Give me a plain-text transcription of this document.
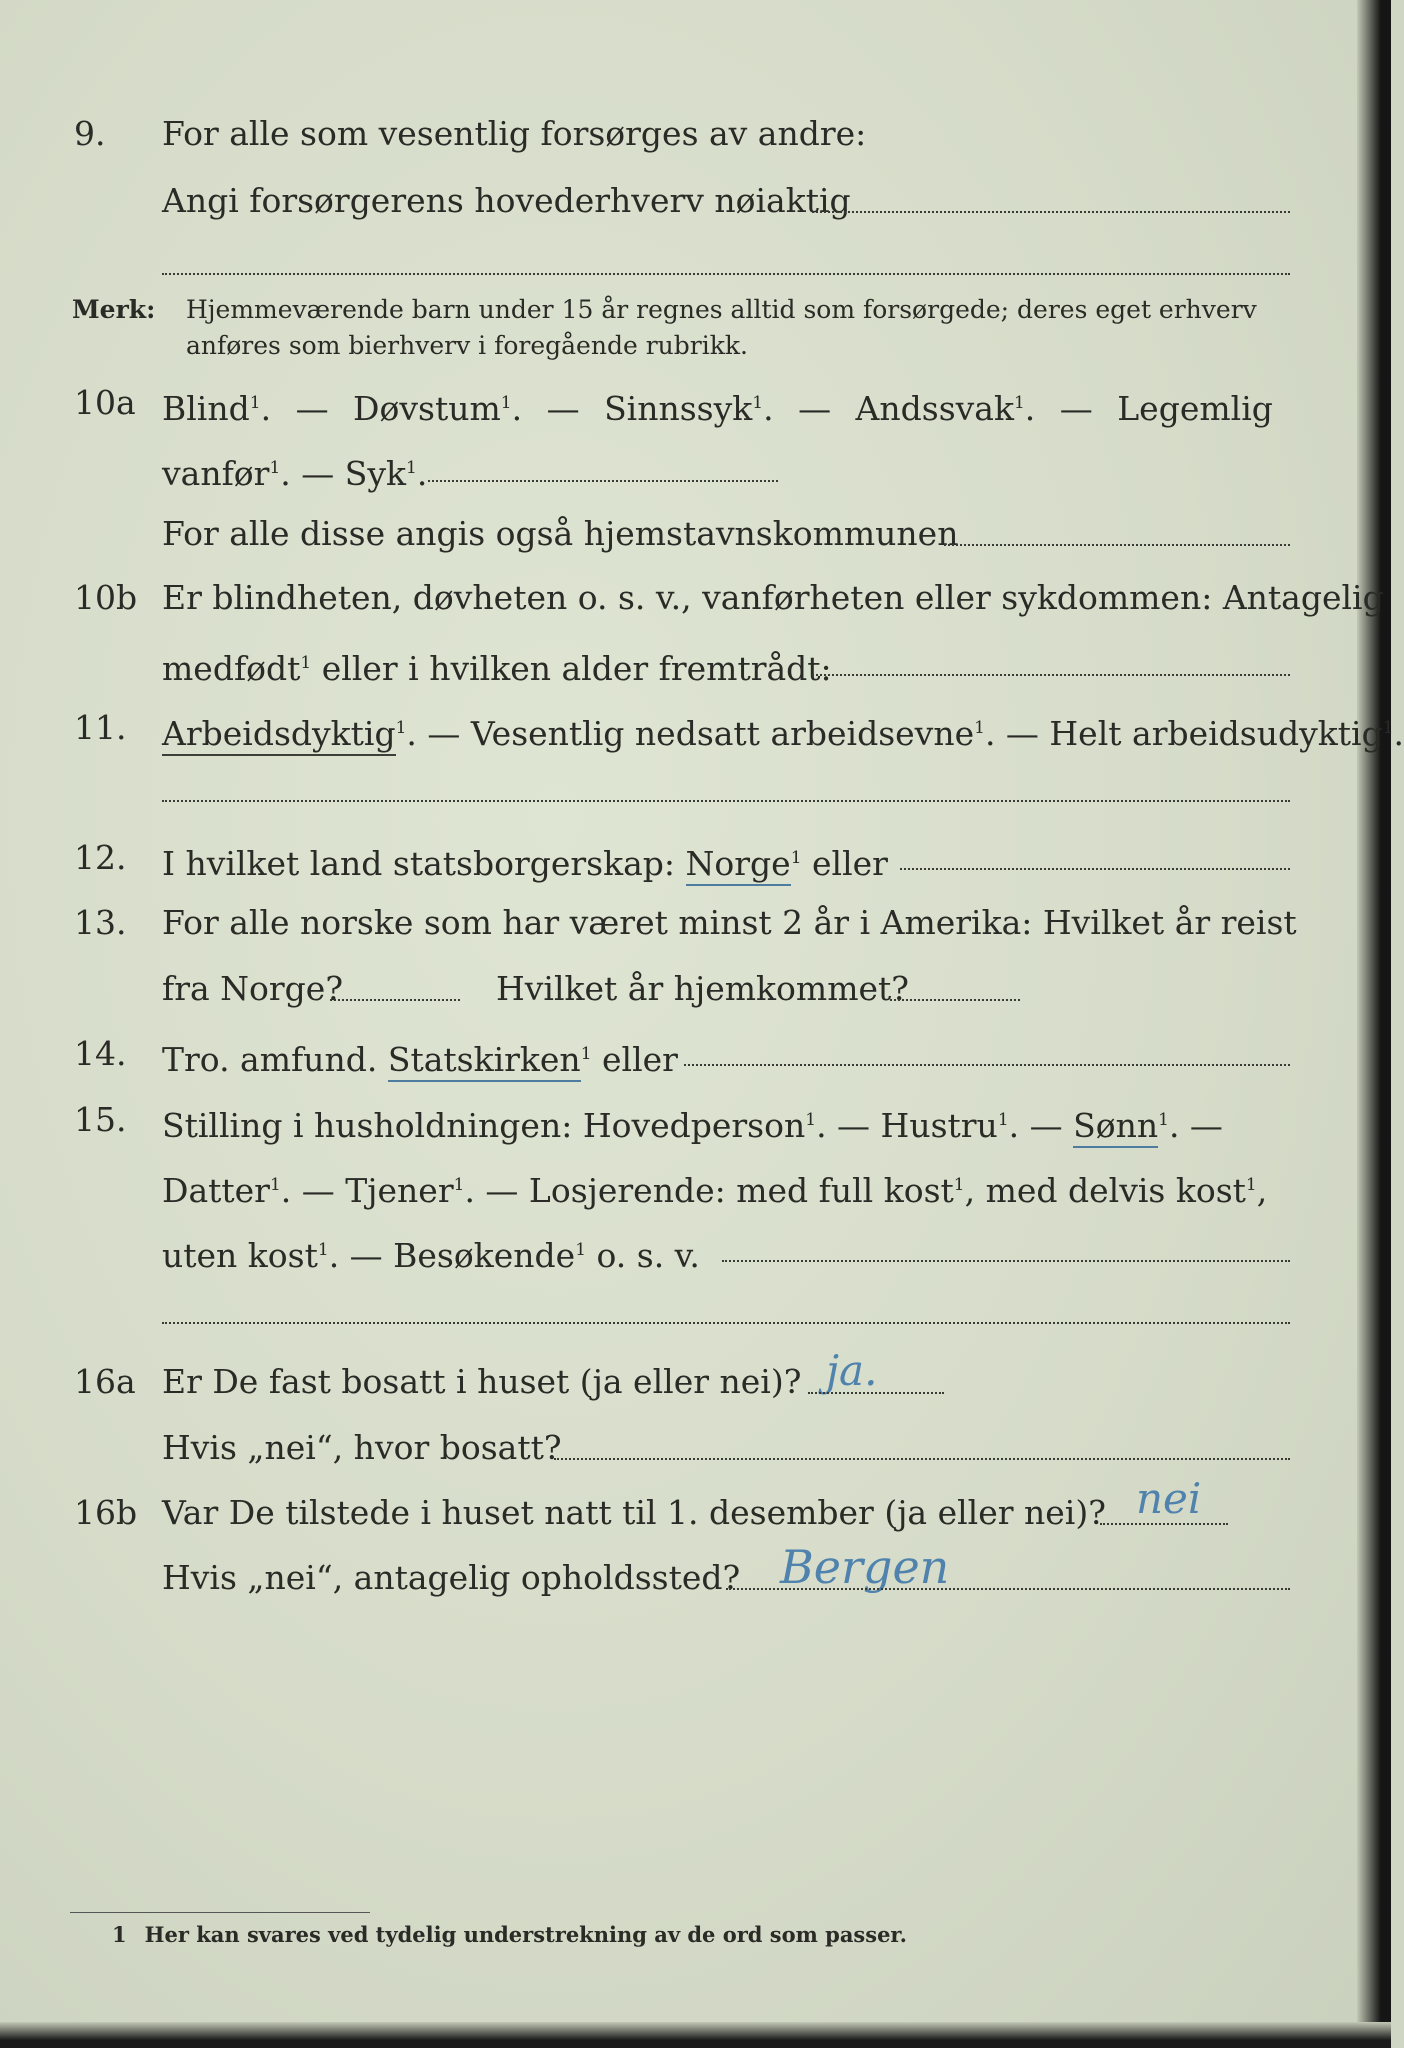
9. For alle som vesentlig forsørges av andre:
Angi forsørgerens hovederhverv nøiaktig
Merk: Hjemmeværende barn under 15 år regnes alltid som forsørgede; deres eget erhverv
anføres som bierhverv i foregående rubrikk.
10a Blind$^1$. — Døvstum$^1$. — Sinnssyk$^1$. — Andssvak$^1$. — Legemlig
vanfør$^1$. — Syk$^1$.
For alle disse angis også hjemstavnskommunen
10b Er blindheten, døvheten o. s. v., vanførheten eller sykdommen: Antagelig
medfødt$^1$ eller i hvilken alder fremtrådt:
11. Arbeidsdyktig$^1$. — Vesentlig nedsatt arbeidsevne$^1$. — Helt arbeidsudyktig$^1$.
12. I hvilket land statsborgerskap: Norge$^1$ eller
13. For alle norske som har været minst 2 år i Amerika: Hvilket år reist
fra Norge?	Hvilket år hjemkommet?
14. Tro. amfund. Statskirken$^1$ eller
15. Stilling i husholdningen: Hovedperson$^1$. — Hustru$^1$. — Sønn$^1$. —
Datter$^1$. — Tjener$^1$. — Losjerende: med full kost$^1$, med delvis kost$^1$,
uten kost$^1$. — Besøkende$^1$ o. s. v.
16a Er De fast bosatt i huset (ja eller nei)? ja.
Hvis „nei“, hvor bosatt?
16b Var De tilstede i huset natt til 1. desember (ja eller nei)? nei
Hvis „nei“, antagelig opholdssted? Bergen
1 Her kan svares ved tydelig understrekning av de ord som passer.
